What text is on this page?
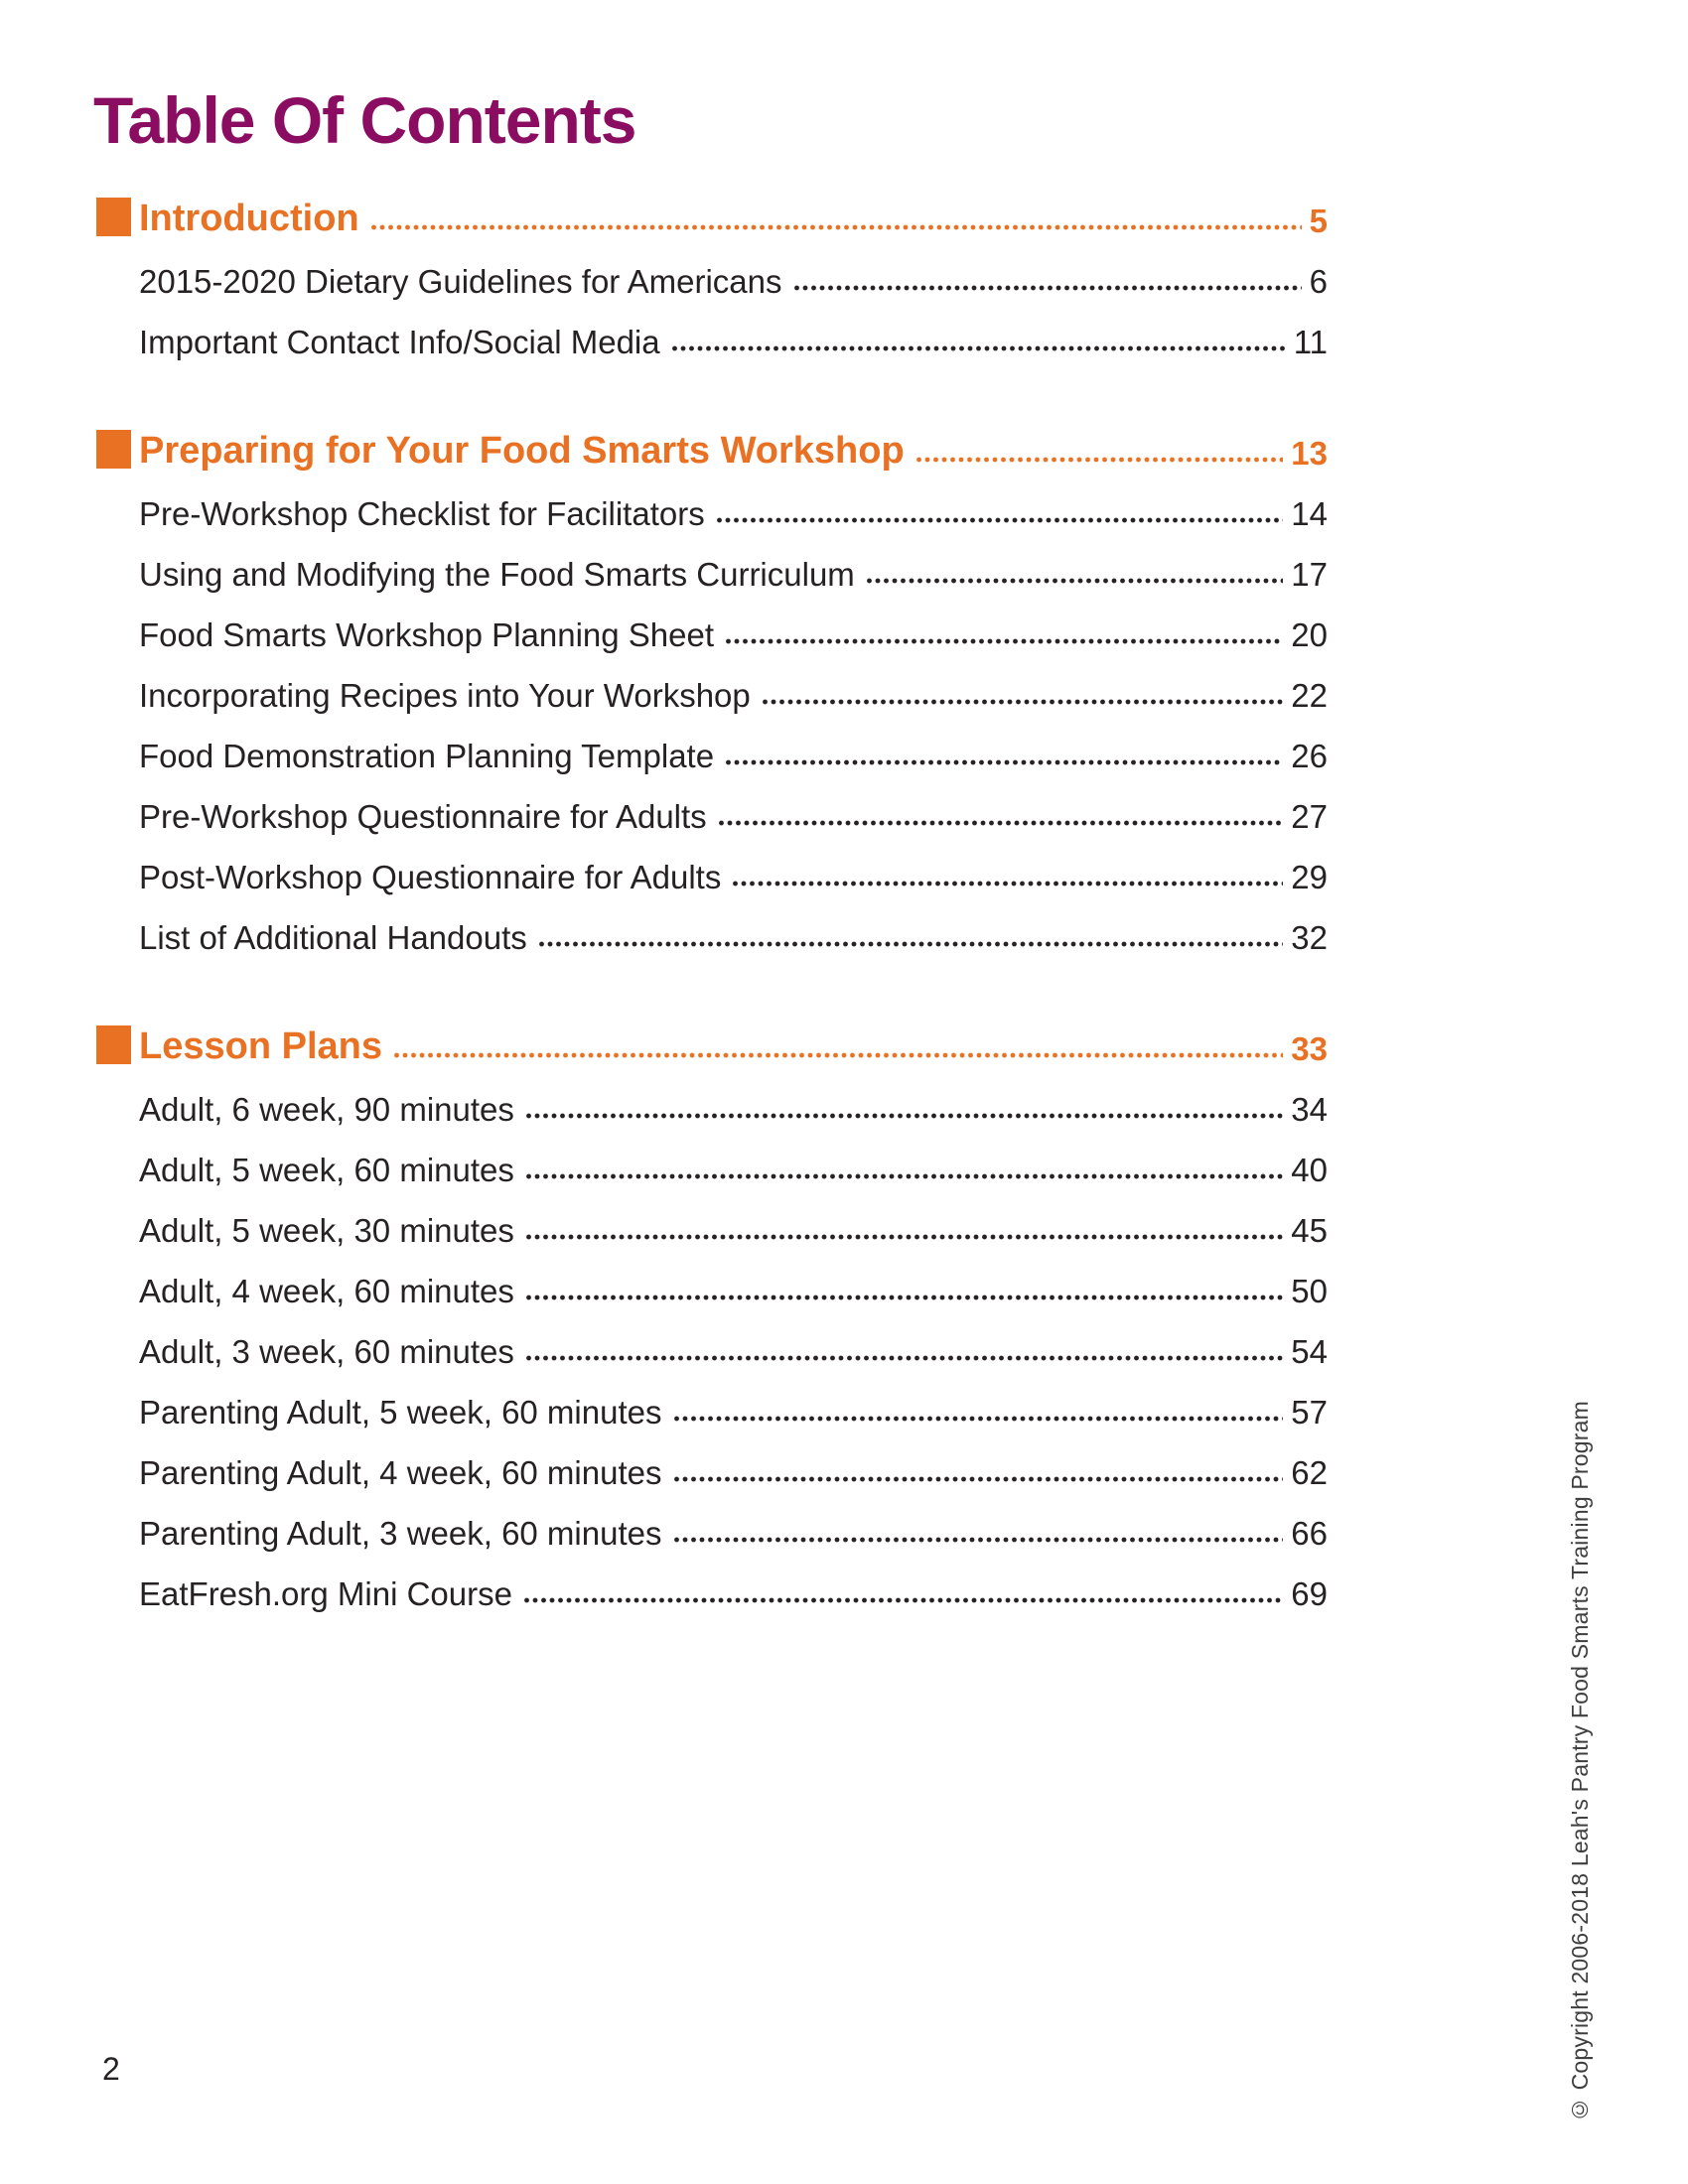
Table Of Contents
Introduction	5
2015-2020 Dietary Guidelines for Americans	6
Important Contact Info/Social Media	11
Preparing for Your Food Smarts Workshop	13
Pre-Workshop Checklist for Facilitators	14
Using and Modifying the Food Smarts Curriculum	17
Food Smarts Workshop Planning Sheet	20
Incorporating Recipes into Your Workshop	22
Food Demonstration Planning Template	26
Pre-Workshop Questionnaire for Adults	27
Post-Workshop Questionnaire for Adults	29
List of Additional Handouts	32
Lesson Plans	33
Adult, 6 week, 90 minutes	34
Adult, 5 week, 60 minutes	40
Adult, 5 week, 30 minutes	45
Adult, 4 week, 60 minutes	50
Adult, 3 week, 60 minutes	54
Parenting Adult, 5 week, 60 minutes	57
Parenting Adult, 4 week, 60 minutes	62
Parenting Adult, 3 week, 60 minutes	66
EatFresh.org Mini Course	69	© Copyright 2006-2018 Leah's Pantry Food Smarts Training Program
2
